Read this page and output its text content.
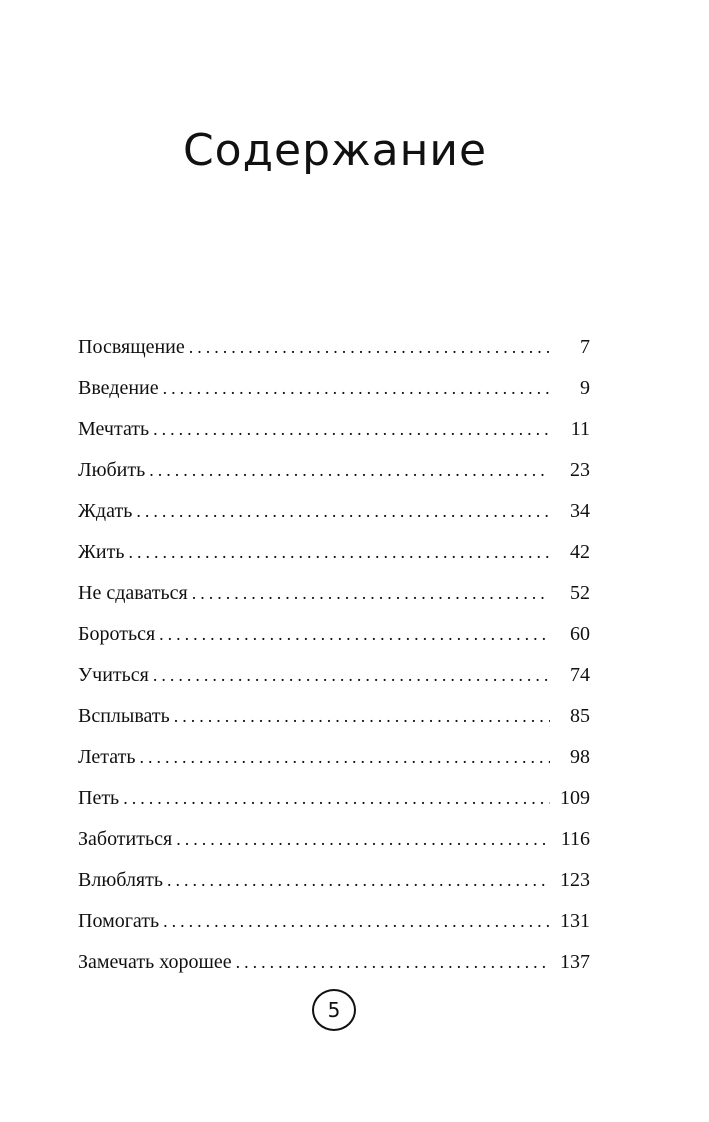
Содержание
Посвящение .....	7
Введение .....	9
Мечтать .....	11
Любить .....	23
Ждать .....	34
Жить .....	42
Не сдаваться .....	52
Бороться .....	60
Учиться .....	74
Всплывать .....	85
Летать .....	98
Петь .....	109
Заботиться .....	116
Влюблять .....	123
Помогать .....	131
Замечать хорошее .....	137
5
